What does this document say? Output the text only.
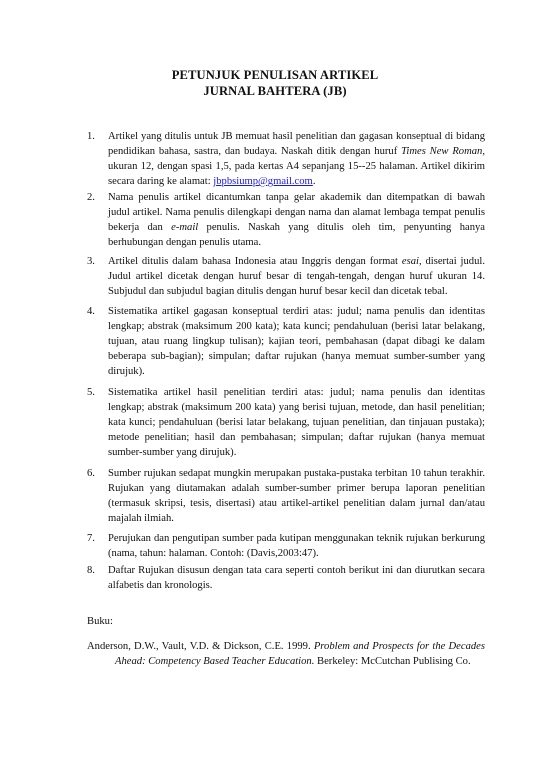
PETUNJUK PENULISAN ARTIKEL

JURNAL BAHTERA (JB)

1.	Artikel yang ditulis untuk JB memuat hasil penelitian dan gagasan konseptual di bidang pendidikan bahasa, sastra, dan budaya. Naskah ditik dengan huruf Times New Roman, ukuran 12, dengan spasi 1,5, pada kertas A4 sepanjang 15--25 halaman. Artikel dikirim secara daring ke alamat: jbpbsiump@gmail.com.
2.	Nama penulis artikel dicantumkan tanpa gelar akademik dan ditempatkan di bawah judul artikel. Nama penulis dilengkapi dengan nama dan alamat lembaga tempat penulis bekerja dan e-mail penulis. Naskah yang ditulis oleh tim, penyunting hanya berhubungan dengan penulis utama.
3.	Artikel ditulis dalam bahasa Indonesia atau Inggris dengan format esai, disertai judul. Judul artikel dicetak dengan huruf besar di tengah-tengah, dengan huruf ukuran 14. Subjudul dan subjudul bagian ditulis dengan huruf besar kecil dan dicetak tebal.
4.	Sistematika artikel gagasan konseptual terdiri atas: judul; nama penulis dan identitas lengkap; abstrak (maksimum 200 kata); kata kunci; pendahuluan (berisi latar belakang, tujuan, atau ruang lingkup tulisan); kajian teori, pembahasan (dapat dibagi ke dalam beberapa sub-bagian); simpulan; daftar rujukan (hanya memuat sumber-sumber yang dirujuk).
5.	Sistematika artikel hasil penelitian terdiri atas: judul; nama penulis dan identitas lengkap; abstrak (maksimum 200 kata) yang berisi tujuan, metode, dan hasil penelitian; kata kunci; pendahuluan (berisi latar belakang, tujuan penelitian, dan tinjauan pustaka); metode penelitian; hasil dan pembahasan; simpulan; daftar rujukan (hanya memuat sumber-sumber yang dirujuk).
6.	Sumber rujukan sedapat mungkin merupakan pustaka-pustaka terbitan 10 tahun terakhir. Rujukan yang diutamakan adalah sumber-sumber primer berupa laporan penelitian (termasuk skripsi, tesis, disertasi) atau artikel-artikel penelitian dalam jurnal dan/atau majalah ilmiah.
7.	Perujukan dan pengutipan sumber pada kutipan menggunakan teknik rujukan berkurung (nama, tahun: halaman. Contoh: (Davis,2003:47).
8.	Daftar Rujukan disusun dengan tata cara seperti contoh berikut ini dan diurutkan secara alfabetis dan kronologis.
Buku:
Anderson, D.W., Vault, V.D. & Dickson, C.E. 1999. Problem and Prospects for the Decades Ahead: Competency Based Teacher Education. Berkeley: McCutchan Publising Co.
